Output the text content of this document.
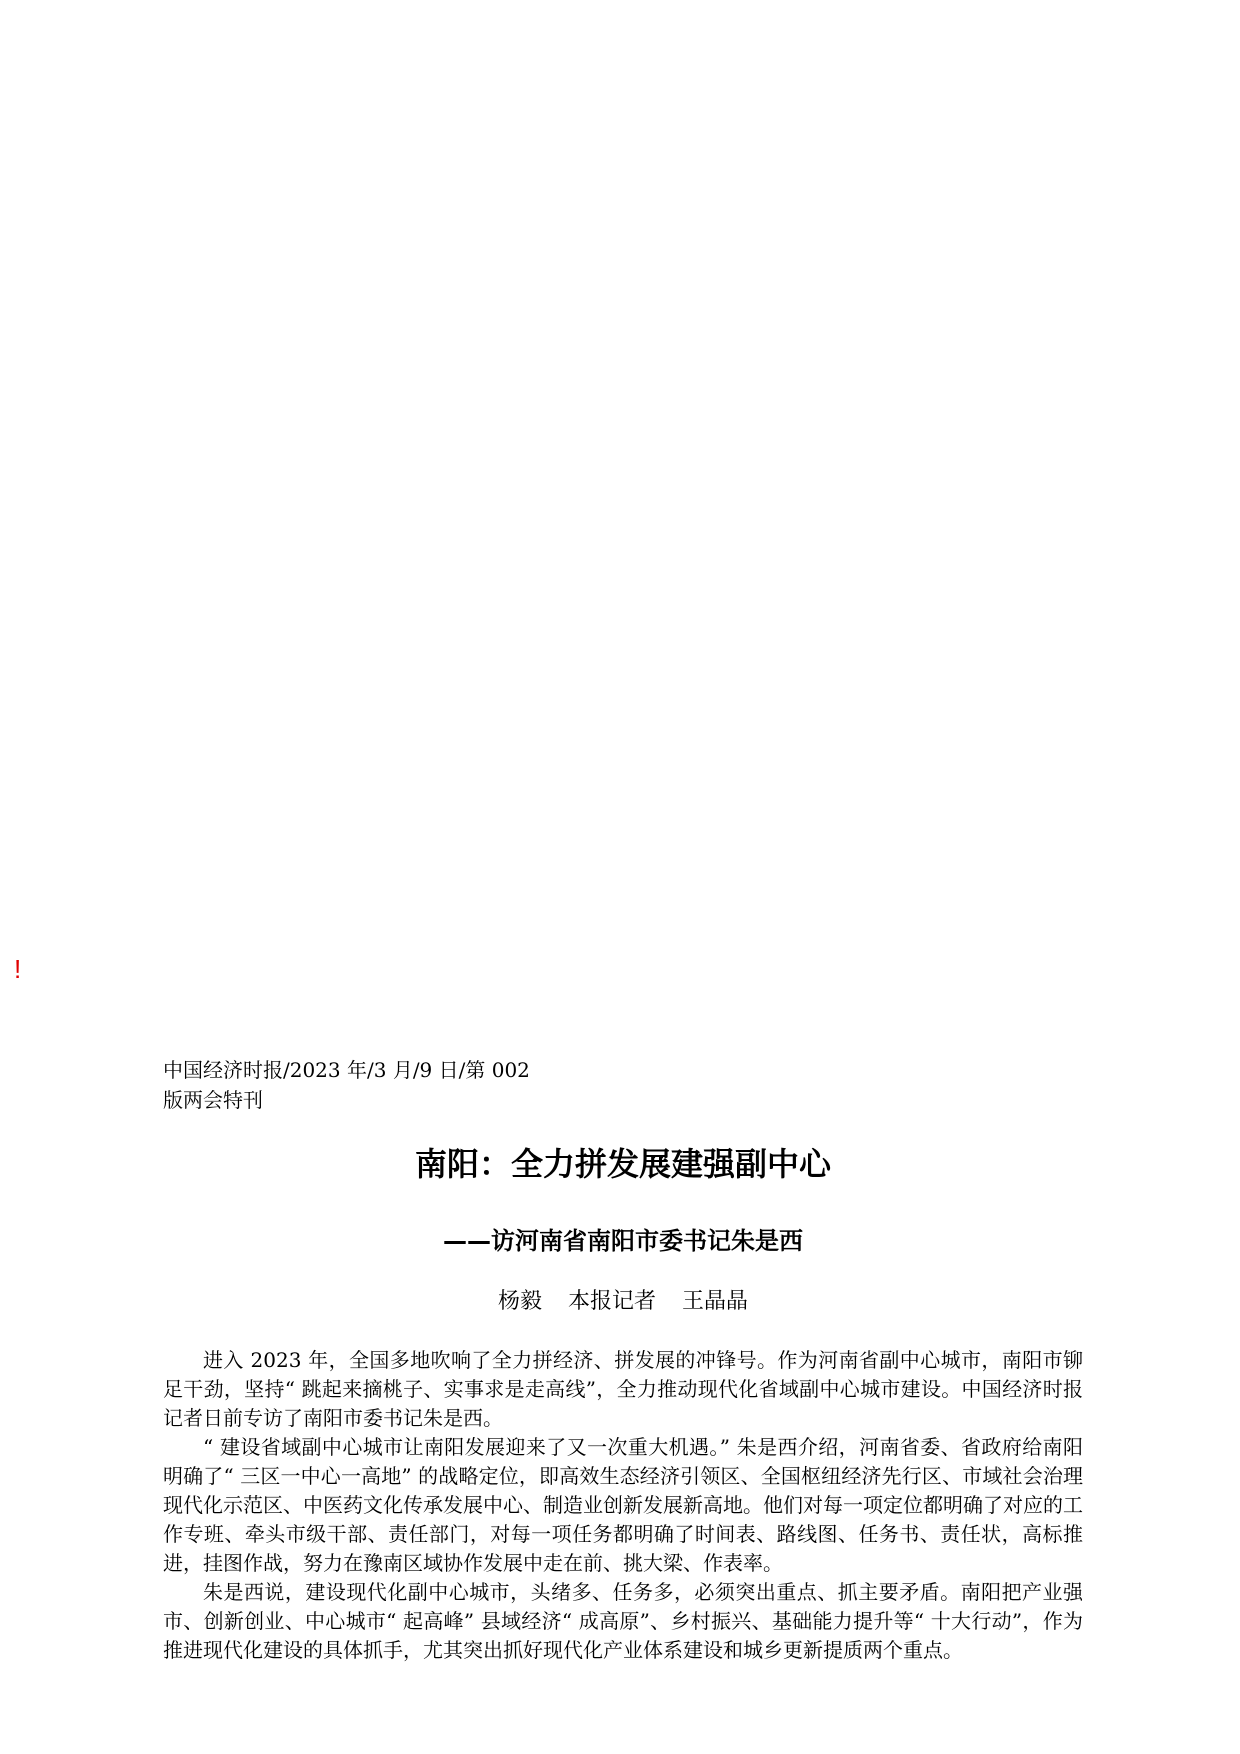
!
中国经济时报/2023 年/3 月/9 日/第 002 版两会特刊
南阳：全力拼发展建强副中心
——访河南省南阳市委书记朱是西
杨毅 本报记者 王晶晶

进入 2023 年，全国多地吹响了全力拼经济、拼发展的冲锋号。作为河南省副中心城市，南阳市铆足干劲，坚持“ 跳起来摘桃子、实事求是走高线”，全力推动现代化省域副中心城市建设。中国经济时报记者日前专访了南阳市委书记朱是西。

“ 建设省域副中心城市让南阳发展迎来了又一次重大机遇。” 朱是西介绍，河南省委、省政府给南阳明确了“ 三区一中心一高地” 的战略定位，即高效生态经济引领区、全国枢纽经济先行区、市域社会治理现代化示范区、中医药文化传承发展中心、制造业创新发展新高地。他们对每一项定位都明确了对应的工作专班、牵头市级干部、责任部门，对每一项任务都明确了时间表、路线图、任务书、责任状，高标推进，挂图作战，努力在豫南区域协作发展中走在前、挑大梁、作表率。

朱是西说，建设现代化副中心城市，头绪多、任务多，必须突出重点、抓主要矛盾。南阳把产业强市、创新创业、中心城市“ 起高峰” 县域经济“ 成高原”、乡村振兴、基础能力提升等“ 十大行动”，作为推进现代化建设的具体抓手，尤其突出抓好现代化产业体系建设和城乡更新提质两个重点。
